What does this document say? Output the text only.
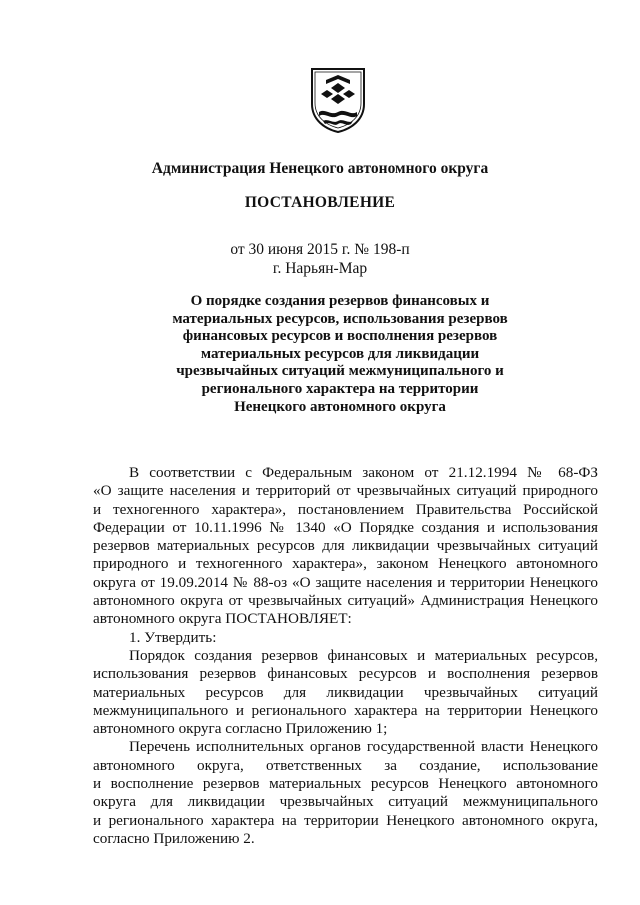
Администрация Ненецкого автономного округа
ПОСТАНОВЛЕНИЕ
от 30 июня 2015 г. № 198-п
г. Нарьян-Мар
О порядке создания резервов финансовых и
материальных ресурсов, использования резервов
финансовых ресурсов и восполнения резервов
материальных ресурсов для ликвидации
чрезвычайных ситуаций межмуниципального и
регионального характера на территории
Ненецкого автономного округа
В соответствии с Федеральным законом от 21.12.1994 № 68-ФЗ
«О защите населения и территорий от чрезвычайных ситуаций природного
и техногенного характера», постановлением Правительства Российской
Федерации от 10.11.1996 № 1340 «О Порядке создания и использования
резервов материальных ресурсов для ликвидации чрезвычайных ситуаций
природного и техногенного характера», законом Ненецкого автономного
округа от 19.09.2014 № 88-оз «О защите населения и территории Ненецкого
автономного округа от чрезвычайных ситуаций» Администрация Ненецкого
автономного округа ПОСТАНОВЛЯЕТ:
1. Утвердить:
Порядок создания резервов финансовых и материальных ресурсов,
использования резервов финансовых ресурсов и восполнения резервов
материальных ресурсов для ликвидации чрезвычайных ситуаций
межмуниципального и регионального характера на территории Ненецкого
автономного округа согласно Приложению 1;
Перечень исполнительных органов государственной власти Ненецкого
автономного округа, ответственных за создание, использование
и восполнение резервов материальных ресурсов Ненецкого автономного
округа для ликвидации чрезвычайных ситуаций межмуниципального
и регионального характера на территории Ненецкого автономного округа,
согласно Приложению 2.
